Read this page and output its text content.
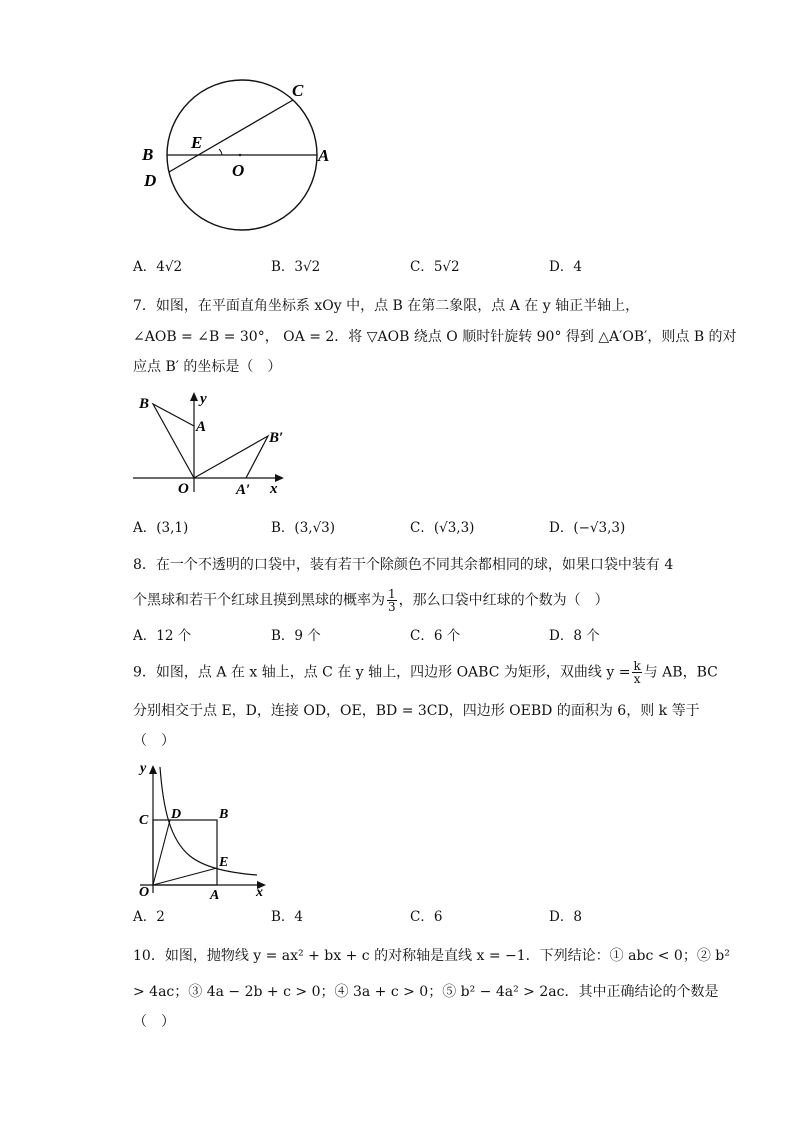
C
E
B
O
A
D
A．4√2	B．3√2	C．5√2	D．4
7．如图，在平面直角坐标系 xOy 中，点 B 在第二象限，点 A 在 y 轴正半轴上，
∠AOB = ∠B = 30°， OA = 2．将 ▽AOB 绕点 O 顺时针旋转 90° 得到 △A′OB′，则点 B 的对
应点 B′ 的坐标是（　）
B	y
A
B′
O	A′ x
A．(3,1)	B．(3,√3)	C．(√3,3)	D．(−√3,3)
8．在一个不透明的口袋中，装有若干个除颜色不同其余都相同的球，如果口袋中装有 4
个黑球和若干个红球且摸到黑球的概率为 $\frac{1}{3}$ ，那么口袋中红球的个数为（　）
A．12 个	B．9 个	C．6 个	D．8 个
9．如图，点 A 在 x 轴上，点 C 在 y 轴上，四边形 OABC 为矩形，双曲线 $y = \frac{k}{x}$ 与 AB，BC
分别相交于点 E，D，连接 OD，OE，BD = 3CD，四边形 OEBD 的面积为 6，则 k 等于
（　）
y
C D	B
E
O	A	x
A．2	B．4	C．6	D．8
10．如图，抛物线 y = ax² + bx + c 的对称轴是直线 x = −1．下列结论：① abc < 0；② b²
> 4ac；③ 4a − 2b + c > 0；④ 3a + c > 0；⑤ b² − 4a² > 2ac．其中正确结论的个数是
（　）
